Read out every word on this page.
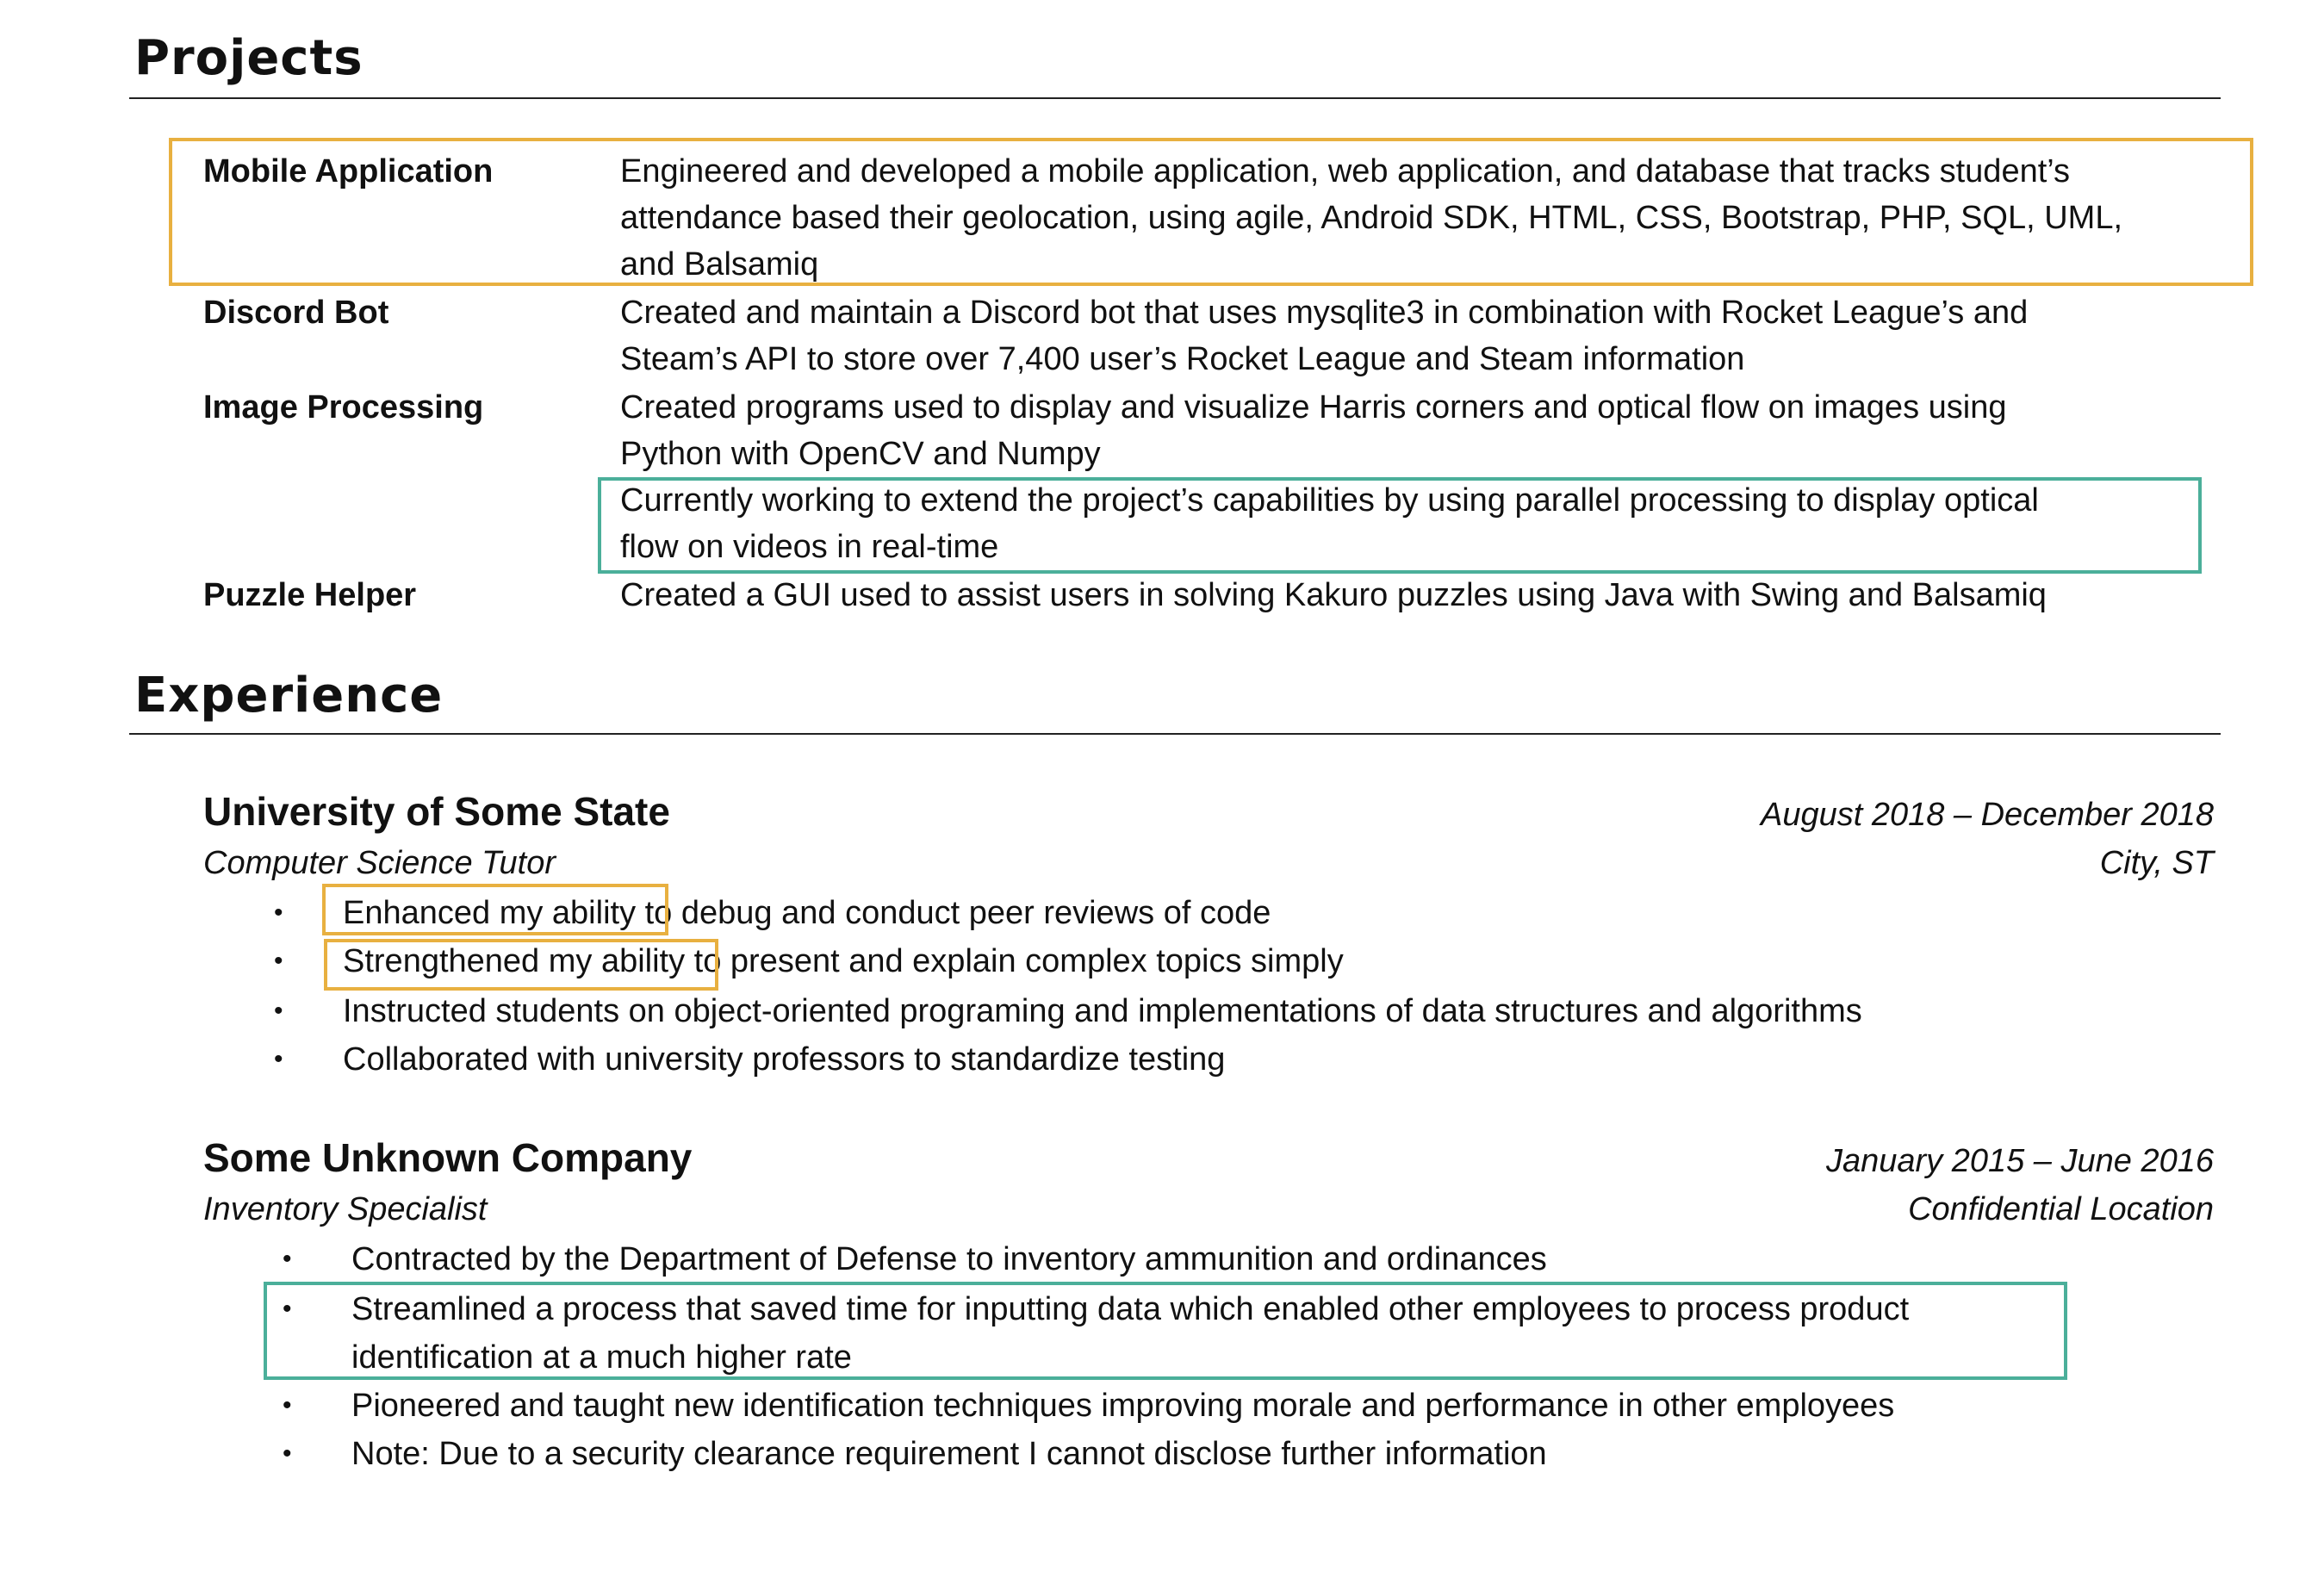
Projects
Mobile Application	Engineered and developed a mobile application, web application, and database that tracks student’s
attendance based their geolocation, using agile, Android SDK, HTML, CSS, Bootstrap, PHP, SQL, UML,
and Balsamiq
Discord Bot	Created and maintain a Discord bot that uses mysqlite3 in combination with Rocket League’s and
Steam’s API to store over 7,400 user’s Rocket League and Steam information
Image Processing	Created programs used to display and visualize Harris corners and optical flow on images using
Python with OpenCV and Numpy
Currently working to extend the project’s capabilities by using parallel processing to display optical
flow on videos in real-time
Puzzle Helper	Created a GUI used to assist users in solving Kakuro puzzles using Java with Swing and Balsamiq
Experience
University of Some State	August 2018 – December 2018
Computer Science Tutor	City, ST
• Enhanced my ability to debug and conduct peer reviews of code
• Strengthened my ability to present and explain complex topics simply
• Instructed students on object-oriented programing and implementations of data structures and algorithms
• Collaborated with university professors to standardize testing
Some Unknown Company	January 2015 – June 2016
Inventory Specialist	Confidential Location
• Contracted by the Department of Defense to inventory ammunition and ordinances
• Streamlined a process that saved time for inputting data which enabled other employees to process product
identification at a much higher rate
• Pioneered and taught new identification techniques improving morale and performance in other employees
• Note: Due to a security clearance requirement I cannot disclose further information
